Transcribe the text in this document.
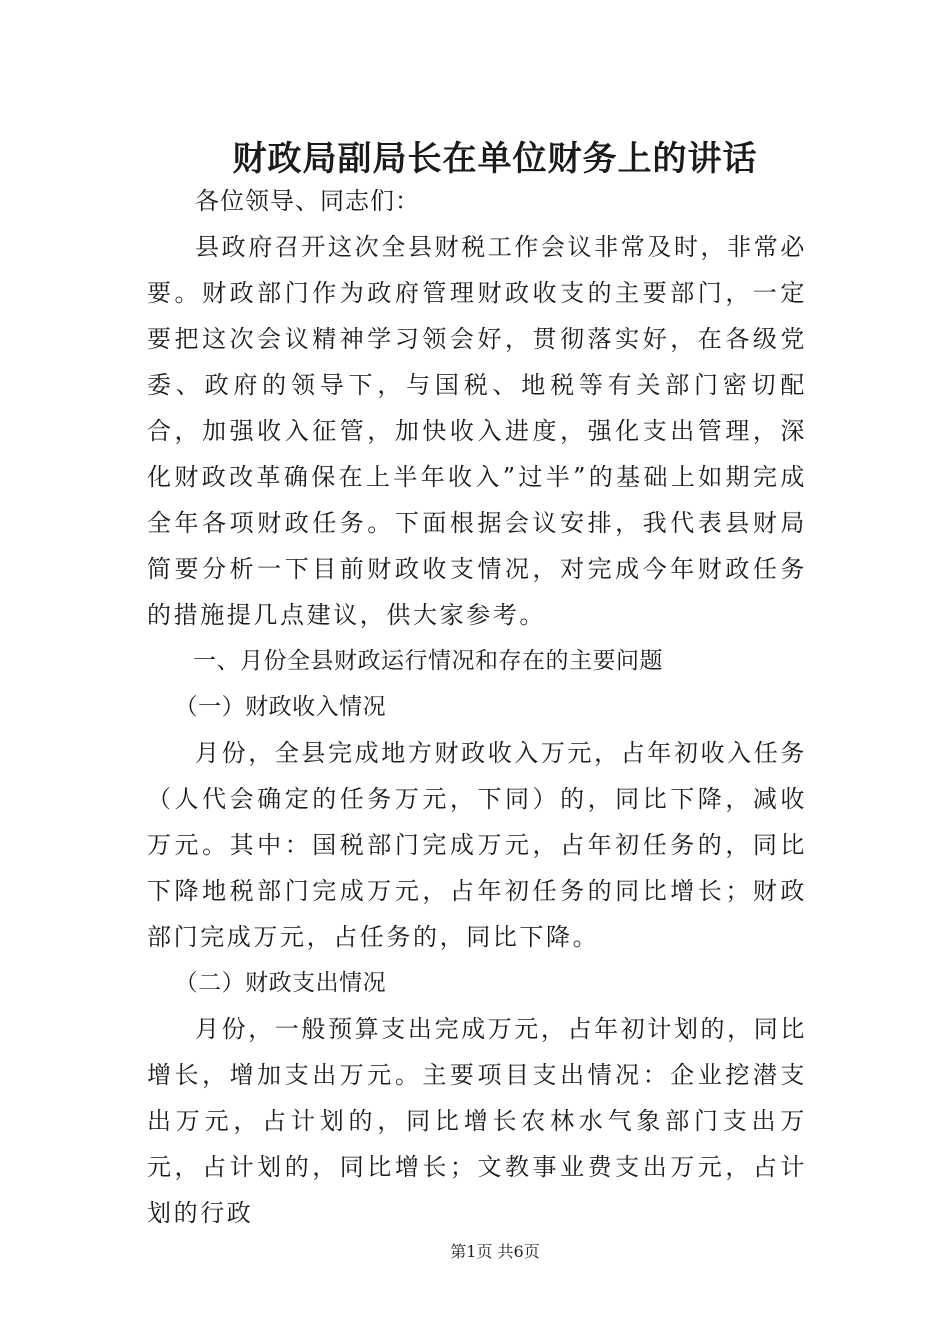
财政局副局长在单位财务上的讲话

各位领导、同志们：

县政府召开这次全县财税工作会议非常及时，非常必要。财政部门作为政府管理财政收支的主要部门，一定要把这次会议精神学习领会好，贯彻落实好，在各级党委、政府的领导下，与国税、地税等有关部门密切配合，加强收入征管，加快收入进度，强化支出管理，深化财政改革确保在上半年收入”过半”的基础上如期完成全年各项财政任务。下面根据会议安排，我代表县财局简要分析一下目前财政收支情况，对完成今年财政任务的措施提几点建议，供大家参考。

一、月份全县财政运行情况和存在的主要问题

（一）财政收入情况

月份，全县完成地方财政收入万元，占年初收入任务（人代会确定的任务万元，下同）的，同比下降，减收万元。其中：国税部门完成万元，占年初任务的，同比下降地税部门完成万元，占年初任务的同比增长；财政部门完成万元，占任务的，同比下降。

（二）财政支出情况

月份，一般预算支出完成万元，占年初计划的，同比增长，增加支出万元。主要项目支出情况：企业挖潜支出万元，占计划的，同比增长农林水气象部门支出万元，占计划的，同比增长；文教事业费支出万元，占计划的行政

第1页 共6页
